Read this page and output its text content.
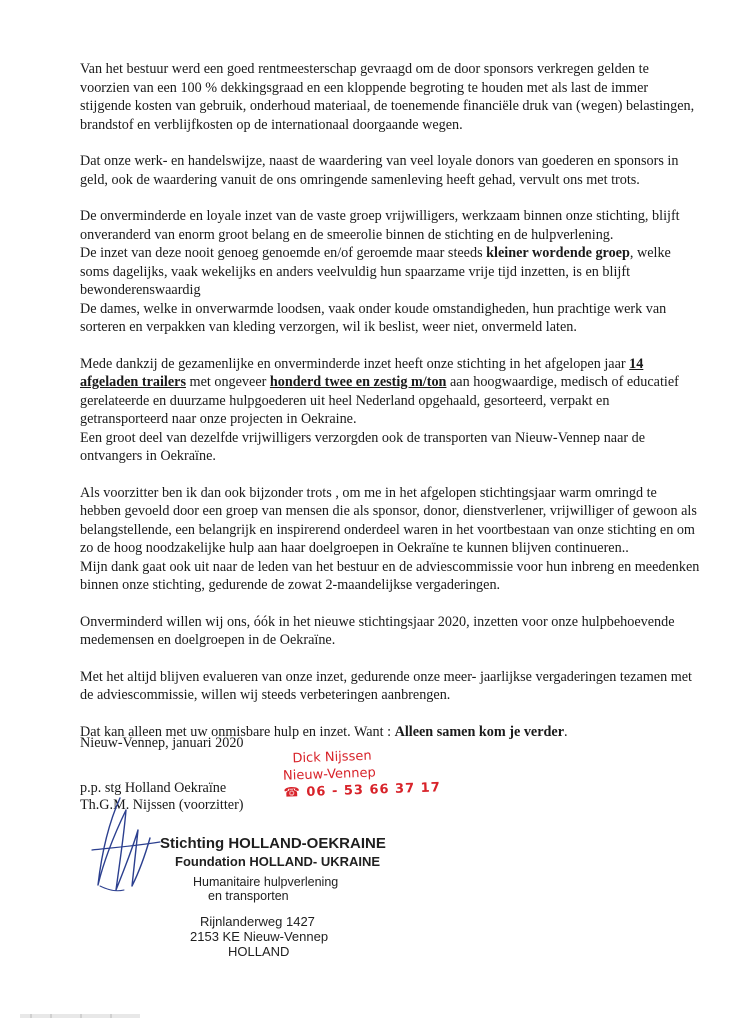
Van het bestuur werd een goed rentmeesterschap gevraagd om de door sponsors verkregen gelden te voorzien van een 100 % dekkingsgraad en een kloppende begroting te houden met als last de immer stijgende kosten van gebruik, onderhoud materiaal, de toenemende financiële druk van (wegen) belastingen, brandstof en verblijfkosten op de internationaal doorgaande wegen.

Dat onze werk- en handelswijze, naast de waardering van veel loyale donors van goederen en sponsors in geld, ook de waardering vanuit de ons omringende samenleving heeft gehad, vervult ons met trots.

De onverminderde en loyale inzet van de vaste groep vrijwilligers, werkzaam binnen onze stichting, blijft onveranderd van enorm groot belang en de smeerolie binnen de stichting en de hulpverlening.

De inzet van deze nooit genoeg genoemde en/of geroemde maar steeds kleiner wordende groep, welke soms dagelijks, vaak wekelijks en anders veelvuldig hun spaarzame vrije tijd inzetten, is en blijft bewonderenswaardig

De dames, welke in onverwarmde loodsen, vaak onder koude omstandigheden, hun prachtige werk van sorteren en verpakken van kleding verzorgen, wil ik beslist, weer niet, onvermeld laten.

Mede dankzij de gezamenlijke en onverminderde inzet heeft onze stichting in het afgelopen jaar 14 afgeladen trailers met ongeveer honderd twee en zestig m/ton aan hoogwaardige, medisch of educatief gerelateerde en duurzame hulpgoederen uit heel Nederland opgehaald, gesorteerd, verpakt en getransporteerd naar onze projecten in Oekraine.

Een groot deel van dezelfde vrijwilligers verzorgden ook de transporten van Nieuw-Vennep naar de ontvangers in Oekraïne.

Als voorzitter ben ik dan ook bijzonder trots , om me in het afgelopen stichtingsjaar warm omringd te hebben gevoeld door een groep van mensen die als sponsor, donor, dienstverlener, vrijwilliger of gewoon als belangstellende, een belangrijk en inspirerend onderdeel waren in het voortbestaan van onze stichting en om zo de hoog noodzakelijke hulp aan haar doelgroepen in Oekraïne te kunnen blijven continueren..

Mijn dank gaat ook uit naar de leden van het bestuur en de adviescommissie voor hun inbreng en meedenken binnen onze stichting, gedurende de zowat 2-maandelijkse vergaderingen.

Onverminderd willen wij ons, óók in het nieuwe stichtingsjaar 2020, inzetten voor onze hulpbehoevende medemensen en doelgroepen in de Oekraïne.

Met het altijd blijven evalueren van onze inzet, gedurende onze meer- jaarlijkse vergaderingen tezamen met de adviescommissie, willen wij steeds verbeteringen aanbrengen.

Dat kan alleen met uw onmisbare hulp en inzet. Want : Alleen samen kom je verder.

Nieuw-Vennep, januari 2020
p.p. stg Holland Oekraïne
Th.G.M. Nijssen (voorzitter)
Dick Nijssen
Nieuw-Vennep
☎ 06 - 53 66 37 17
Stichting HOLLAND-OEKRAINE
Foundation HOLLAND- UKRAINE
Humanitaire hulpverlening
en transporten
Rijnlanderweg 1427
2153 KE Nieuw-Vennep
HOLLAND
